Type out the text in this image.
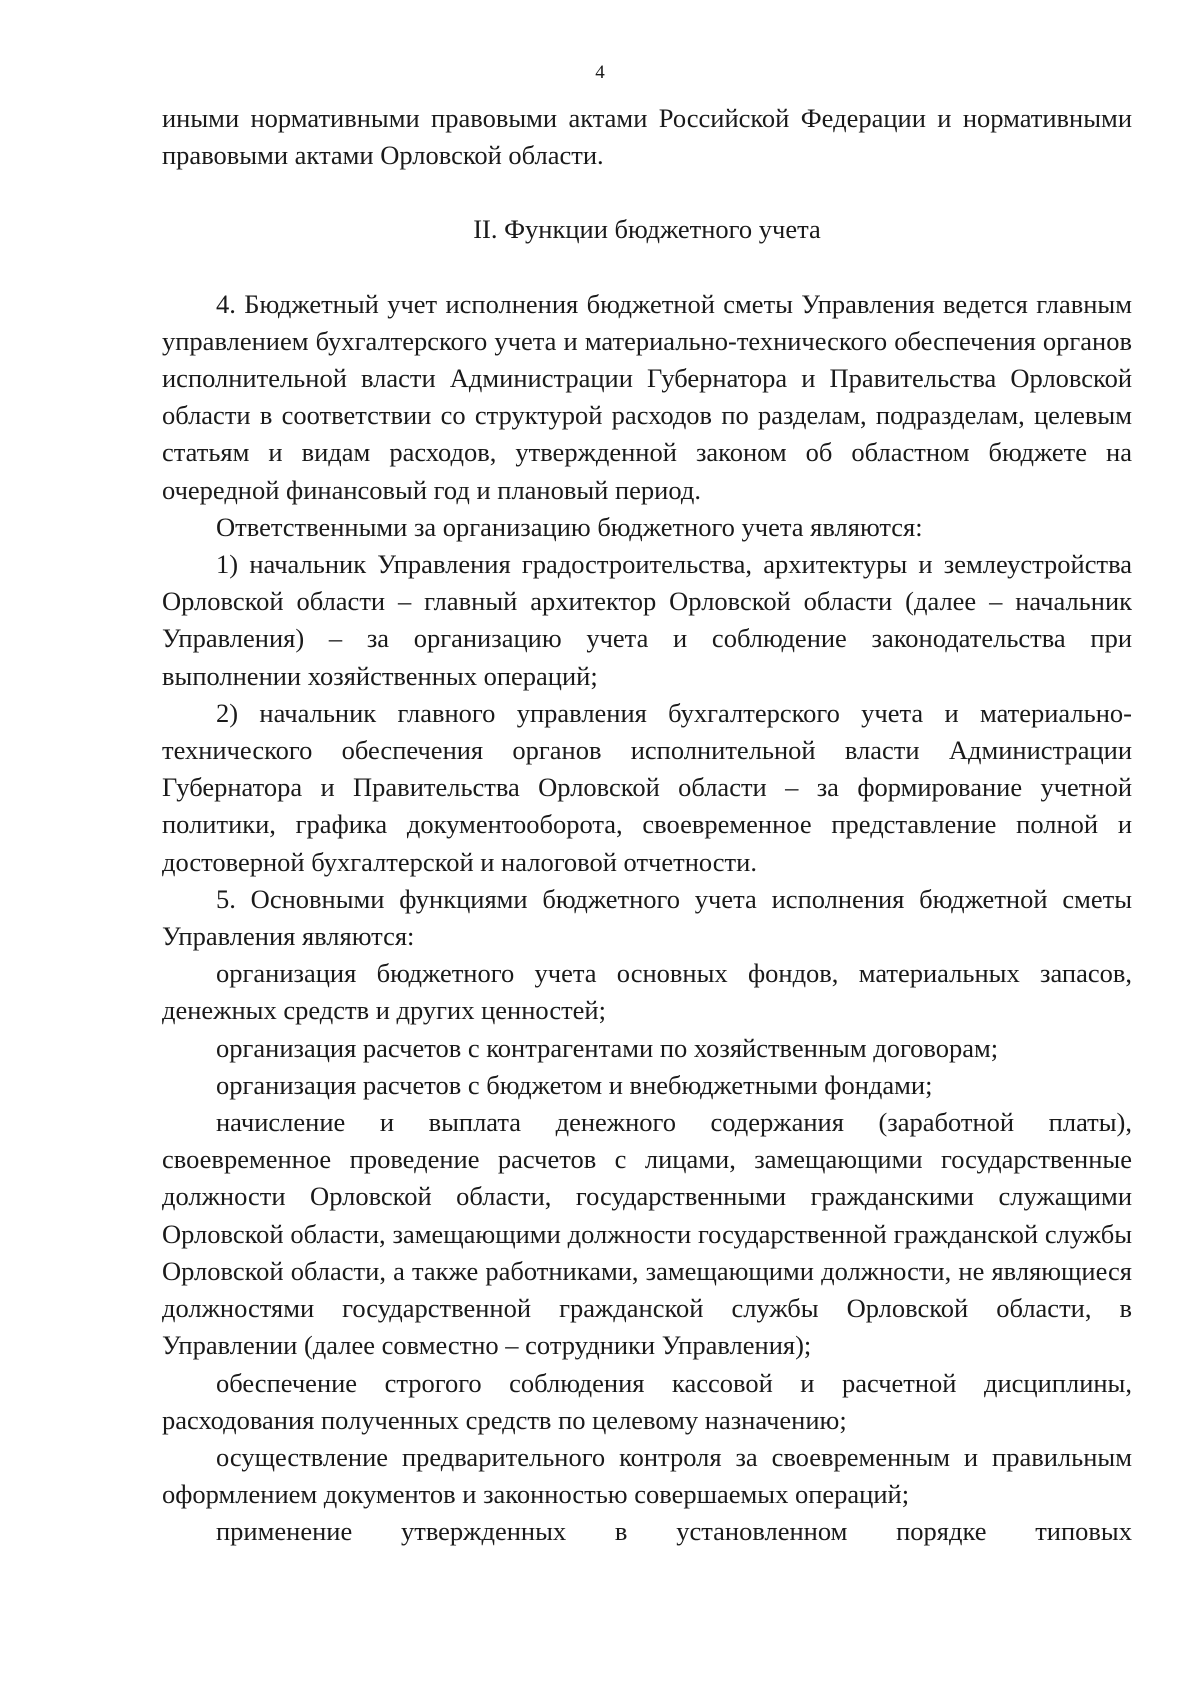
4

иными нормативными правовыми актами Российской Федерации и нормативными правовыми актами Орловской области.

II. Функции бюджетного учета

4. Бюджетный учет исполнения бюджетной сметы Управления ведется главным управлением бухгалтерского учета и материально-технического обеспечения органов исполнительной власти Администрации Губернатора и Правительства Орловской области в соответствии со структурой расходов по разделам, подразделам, целевым статьям и видам расходов, утвержденной законом об областном бюджете на очередной финансовый год и плановый период.

Ответственными за организацию бюджетного учета являются:

1) начальник Управления градостроительства, архитектуры и землеустройства Орловской области – главный архитектор Орловской области (далее – начальник Управления) – за организацию учета и соблюдение законодательства при выполнении хозяйственных операций;

2) начальник главного управления бухгалтерского учета и материально-технического обеспечения органов исполнительной власти Администрации Губернатора и Правительства Орловской области – за формирование учетной политики, графика документооборота, своевременное представление полной и достоверной бухгалтерской и налоговой отчетности.

5. Основными функциями бюджетного учета исполнения бюджетной сметы Управления являются:

организация бюджетного учета основных фондов, материальных запасов, денежных средств и других ценностей;

организация расчетов с контрагентами по хозяйственным договорам;

организация расчетов с бюджетом и внебюджетными фондами;

начисление и выплата денежного содержания (заработной платы), своевременное проведение расчетов с лицами, замещающими государственные должности Орловской области, государственными гражданскими служащими Орловской области, замещающими должности государственной гражданской службы Орловской области, а также работниками, замещающими должности, не являющиеся должностями государственной гражданской службы Орловской области, в Управлении (далее совместно – сотрудники Управления);

обеспечение строгого соблюдения кассовой и расчетной дисциплины, расходования полученных средств по целевому назначению;

осуществление предварительного контроля за своевременным и правильным оформлением документов и законностью совершаемых операций;

применение утвержденных в установленном порядке типовых
